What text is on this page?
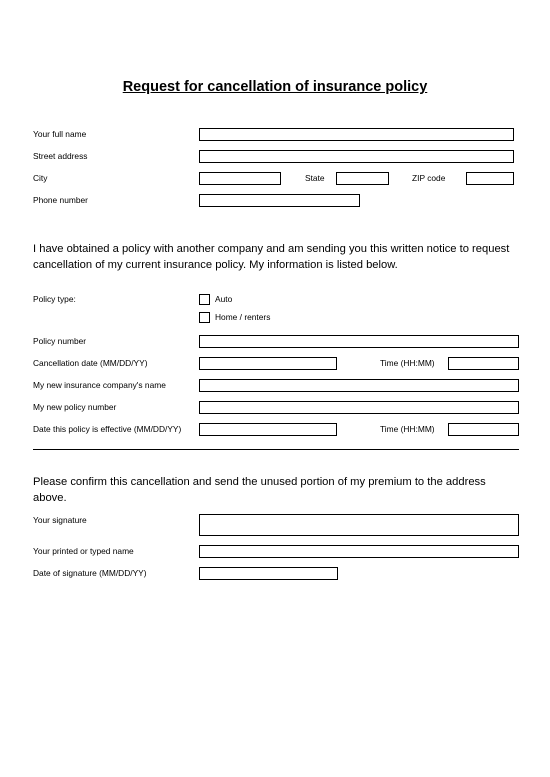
Request for cancellation of insurance policy
Your full name
Street address
City	State	ZIP code
Phone number
I have obtained a policy with another company and am sending you this written notice to request cancellation of my current insurance policy. My information is listed below.
Policy type:	Auto
Home / renters
Policy number
Cancellation date (MM/DD/YY)	Time (HH:MM)
My new insurance company's name
My new policy number
Date this policy is effective (MM/DD/YY)	Time (HH:MM)
Please confirm this cancellation and send the unused portion of my premium to the address above.
Your signature
Your printed or typed name
Date of signature (MM/DD/YY)
